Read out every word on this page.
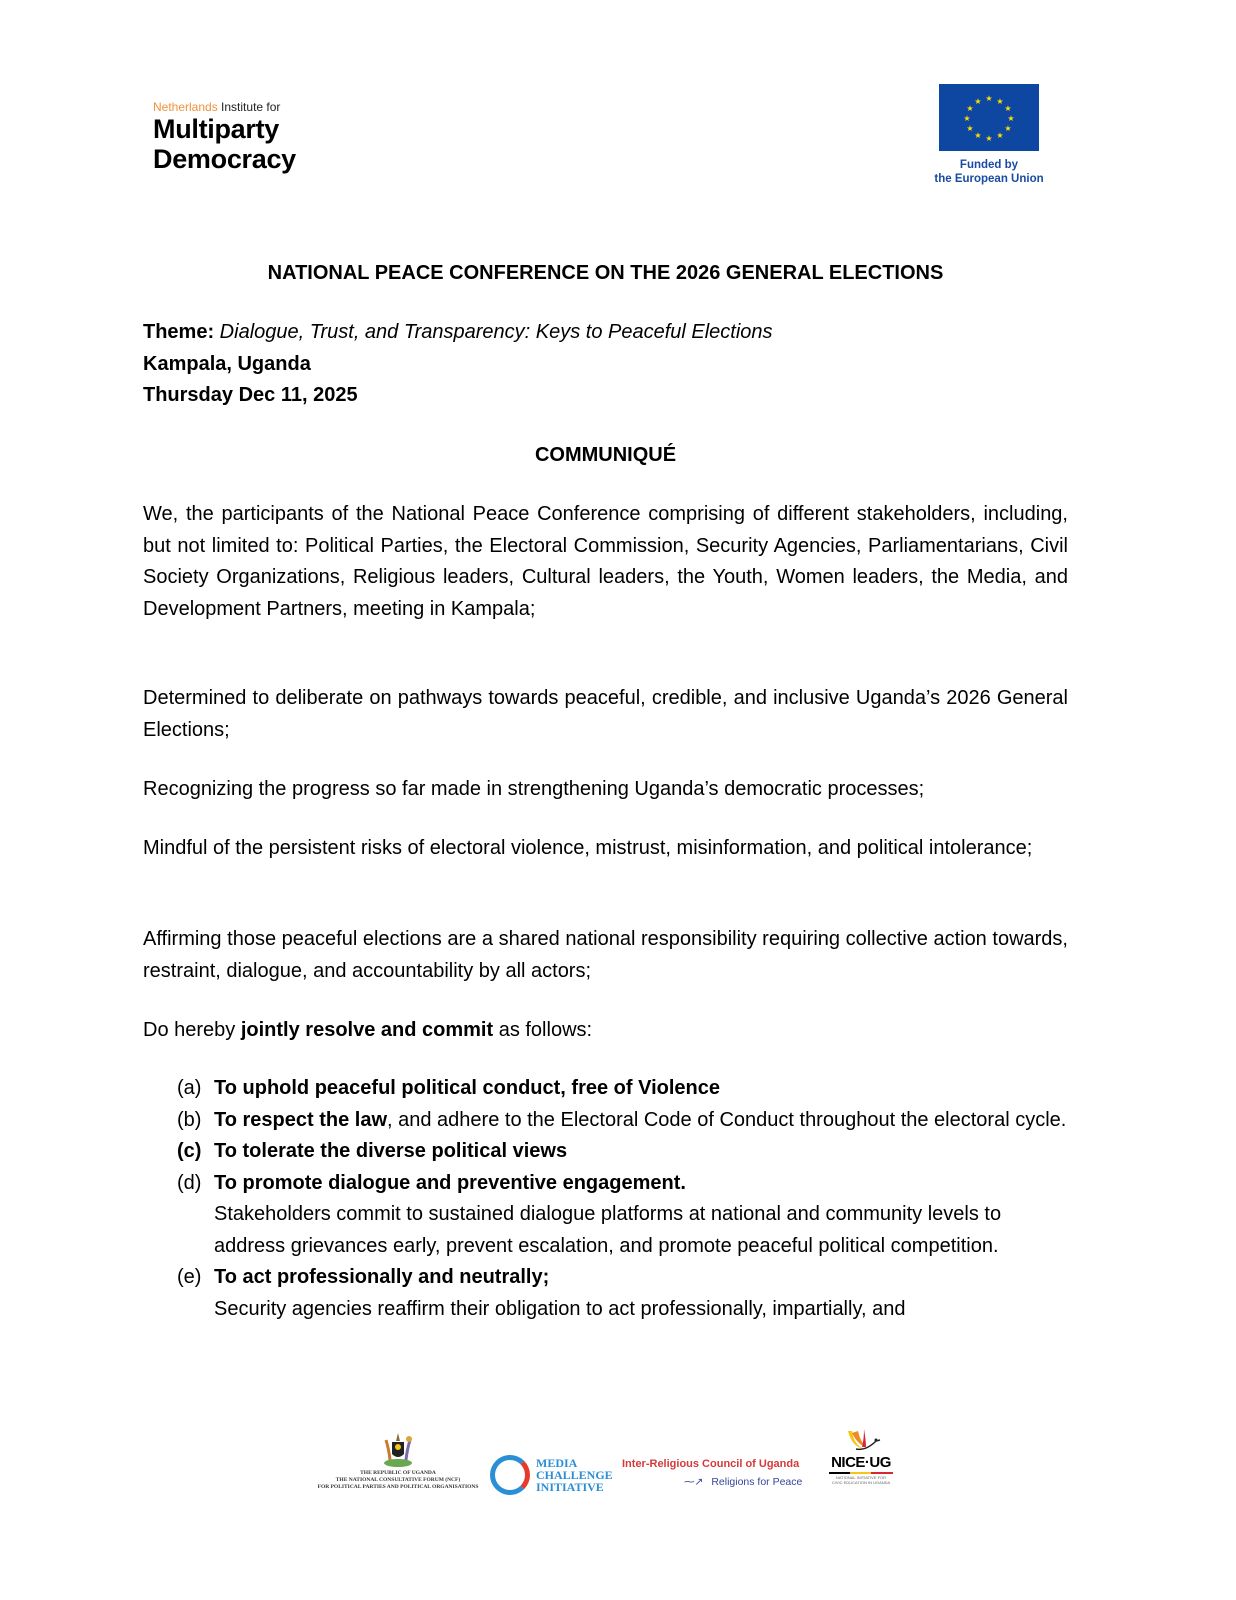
Netherlands Institute for
Multiparty
Democracy
★ ★
★
★
★
★
★
★
★
★
★
★
Funded by
the European Union
NATIONAL PEACE CONFERENCE ON THE 2026 GENERAL ELECTIONS
Theme: Dialogue, Trust, and Transparency: Keys to Peaceful Elections
Kampala, Uganda
Thursday Dec 11, 2025
COMMUNIQUÉ
We, the participants of the National Peace Conference comprising of different stakeholders, including, but not limited to: Political Parties, the Electoral Commission, Security Agencies, Parliamentarians, Civil Society Organizations, Religious leaders, Cultural leaders, the Youth, Women leaders, the Media, and Development Partners, meeting in Kampala;
Determined to deliberate on pathways towards peaceful, credible, and inclusive Uganda’s 2026 General Elections;
Recognizing the progress so far made in strengthening Uganda’s democratic processes;
Mindful of the persistent risks of electoral violence, mistrust, misinformation, and political intolerance;
Affirming those peaceful elections are a shared national responsibility requiring collective action towards, restraint, dialogue, and accountability by all actors;
Do hereby jointly resolve and commit as follows:
(a) To uphold peaceful political conduct, free of Violence
(b) To respect the law, and adhere to the Electoral Code of Conduct throughout the electoral cycle.
(c) To tolerate the diverse political views
(d) To promote dialogue and preventive engagement.
Stakeholders commit to sustained dialogue platforms at national and community levels to address grievances early, prevent escalation, and promote peaceful political competition.
(e) To act professionally and neutrally;
Security agencies reaffirm their obligation to act professionally, impartially, and
THE REPUBLIC OF UGANDA
THE NATIONAL CONSULTATIVE FORUM (NCF)
FOR POLITICAL PARTIES AND POLITICAL ORGANISATIONS
MEDIA
CHALLENGE
INITIATIVE
Inter-Religious Council of Uganda
⁓↗ Religions for Peace
NICE·UG
NATIONAL INITIATIVE FOR
CIVIC EDUCATION IN UGANDA
